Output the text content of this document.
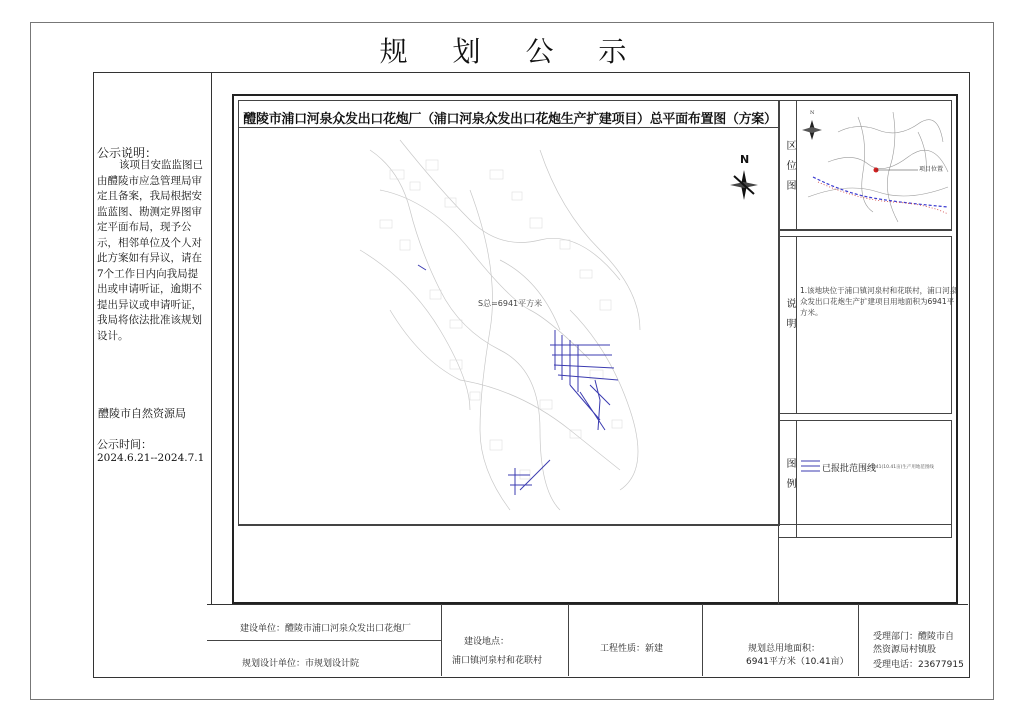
规 划 公 示
公示说明：
该项目安监监图已由醴陵市应急管理局审定且备案，我局根据安监蓝图、勘测定界图审定平面布局，现予公示，相邻单位及个人对此方案如有异议，请在7个工作日内向我局提出或申请听证，逾期不提出异议或申请听证，我局将依法批准该规划设计。
醴陵市自然资源局
公示时间：
2024.6.21--2024.7.1
醴陵市浦口河泉众发出口花炮厂（浦口河泉众发出口花炮生产扩建项目）总平面布置图（方案）
区位图
说明
图例
N
项目位置
S总=6941平方米
N
1.该地块位于浦口镇河泉村和花联村，浦口河泉众发出口花炮生产扩建项目用地面积为6941平方米。
已报批范围线
6941(10.41亩)生产用地范围线
建设单位：醴陵市浦口河泉众发出口花炮厂
规划设计单位：市规划设计院
建设地点：
浦口镇河泉村和花联村
工程性质：新建	规划总用地面积：
6941平方米（10.41亩）
受理部门：醴陵市自然资源局村镇股
受理电话：23677915
